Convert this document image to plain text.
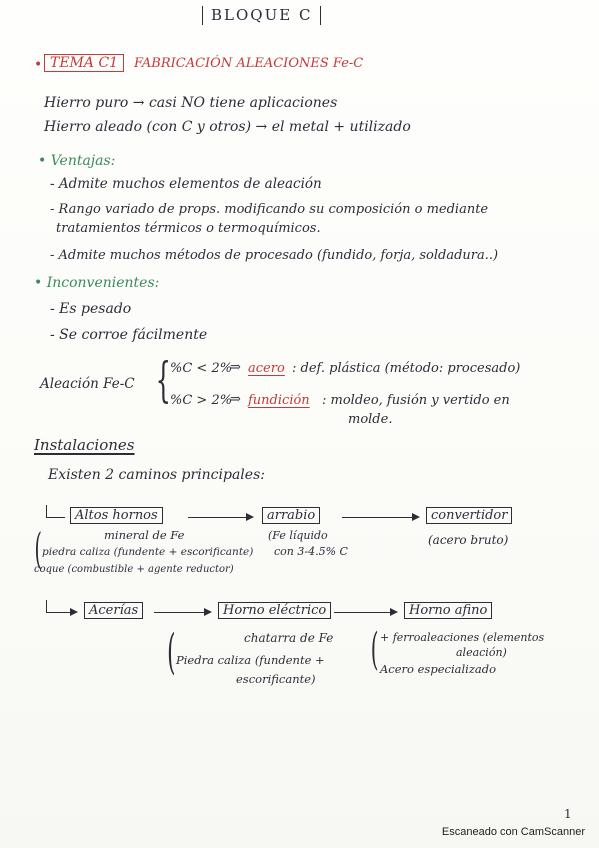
BLOQUE C
• TEMA C1	FABRICACIÓN ALEACIONES Fe-C
Hierro puro → casi NO tiene aplicaciones
Hierro aleado (con C y otros) → el metal + utilizado
• Ventajas:
- Admite muchos elementos de aleación
- Rango variado de props. modificando su composición o mediante
tratamientos térmicos o termoquímicos.
- Admite muchos métodos de procesado (fundido, forja, soldadura..)
• Inconvenientes:
- Es pesado
- Se corroe fácilmente
Aleación Fe-C { %C < 2%
⇒ acero : def. plástica (método: procesado)
%C > 2%
⇒ fundición : moldeo, fusión y vertido en
molde.
Instalaciones
Existen 2 caminos principales:
Altos hornos	arrabio	convertidor
(	mineral de Fe
piedra caliza (fundente + escorificante)
coque (combustible + agente reductor)
(Fe líquido
con 3-4.5% C
(acero bruto)
Acerías	Horno eléctrico	Horno afino
(	chatarra de Fe
Piedra caliza (fundente +
escorificante)
( + ferroaleaciones (elementos
aleación)
Acero especializado
1
Escaneado con CamScanner
